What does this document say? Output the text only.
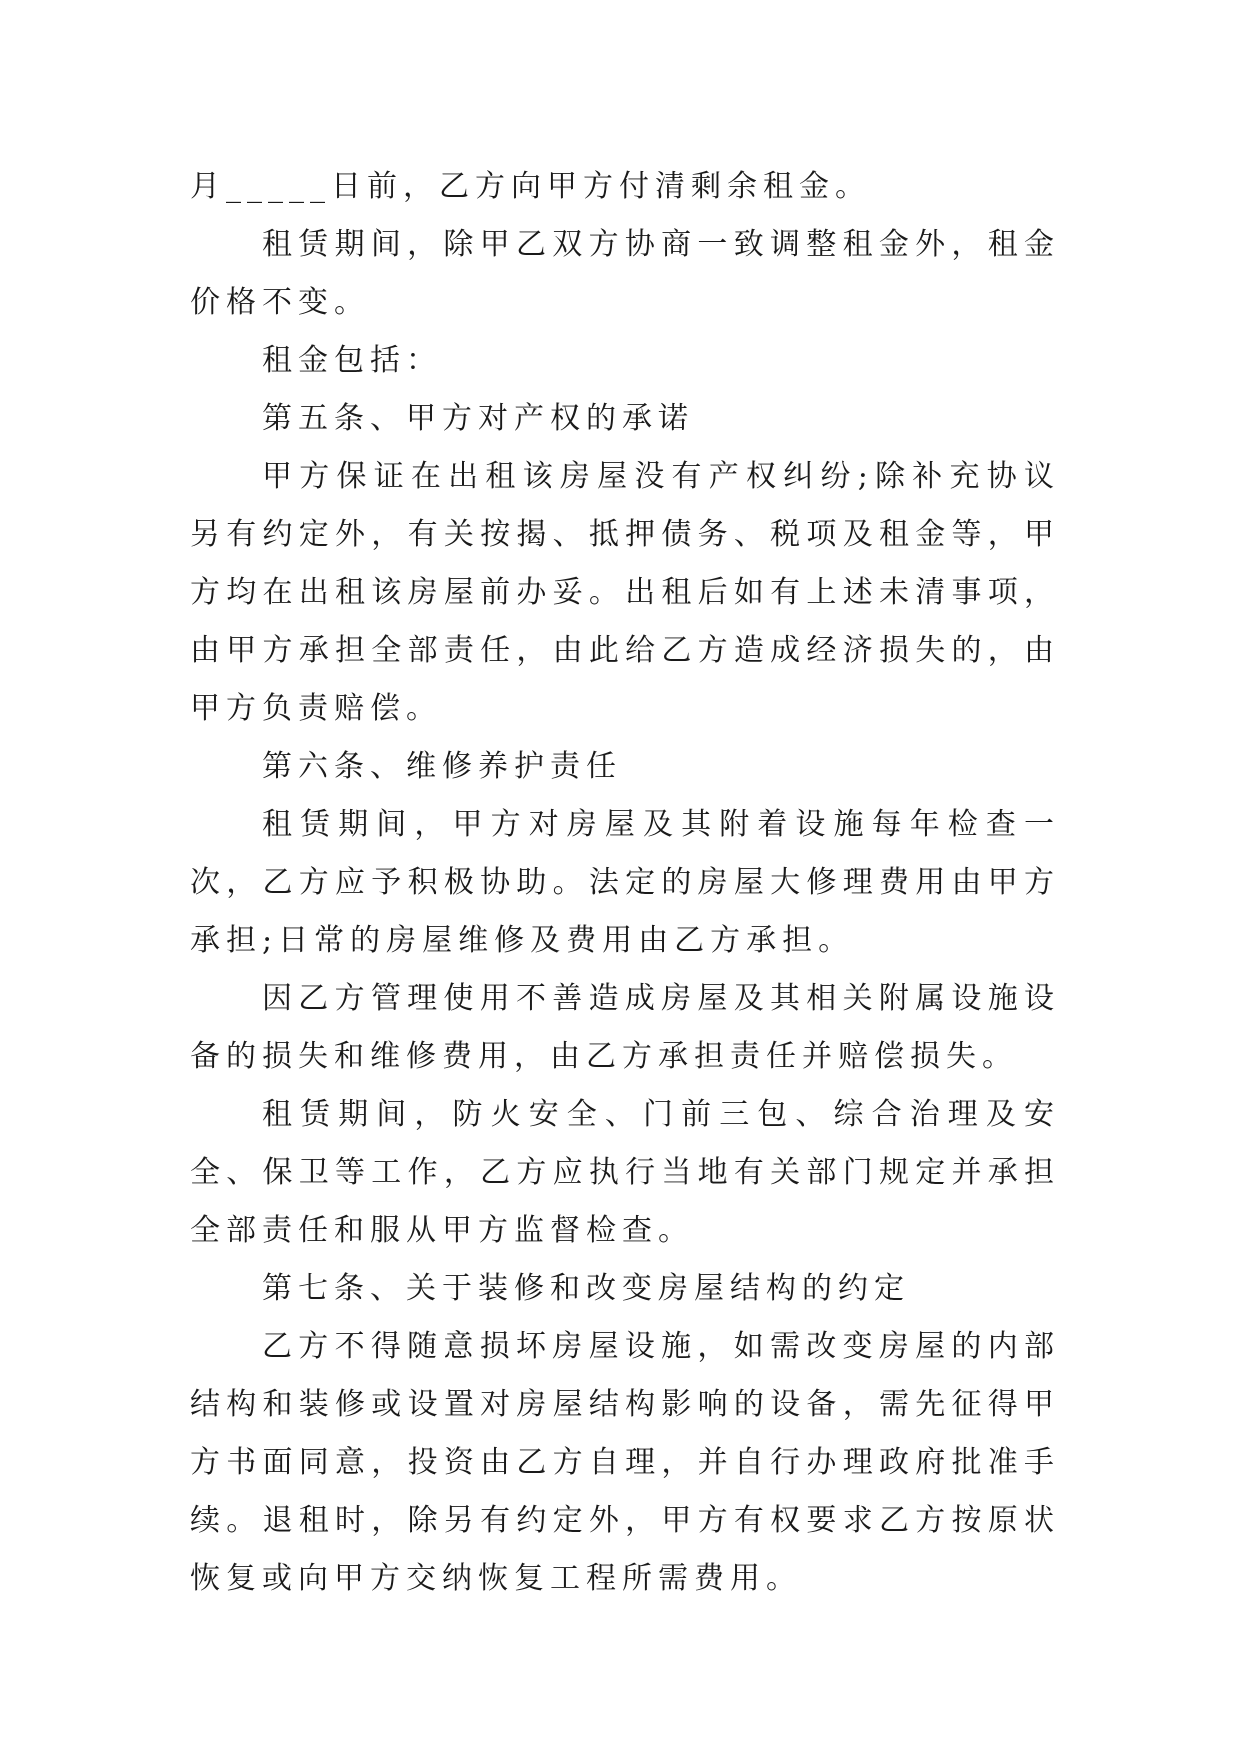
月_____日前，乙方向甲方付清剩余租金。

租赁期间，除甲乙双方协商一致调整租金外，租金价格不变。

租金包括：

第五条、甲方对产权的承诺

甲方保证在出租该房屋没有产权纠纷;除补充协议另有约定外，有关按揭、抵押债务、税项及租金等，甲方均在出租该房屋前办妥。出租后如有上述未清事项，由甲方承担全部责任，由此给乙方造成经济损失的，由甲方负责赔偿。

第六条、维修养护责任

租赁期间，甲方对房屋及其附着设施每年检查一次，乙方应予积极协助。法定的房屋大修理费用由甲方承担;日常的房屋维修及费用由乙方承担。

因乙方管理使用不善造成房屋及其相关附属设施设备的损失和维修费用，由乙方承担责任并赔偿损失。

租赁期间，防火安全、门前三包、综合治理及安全、保卫等工作，乙方应执行当地有关部门规定并承担全部责任和服从甲方监督检查。

第七条、关于装修和改变房屋结构的约定

乙方不得随意损坏房屋设施，如需改变房屋的内部结构和装修或设置对房屋结构影响的设备，需先征得甲方书面同意，投资由乙方自理，并自行办理政府批准手续。退租时，除另有约定外，甲方有权要求乙方按原状恢复或向甲方交纳恢复工程所需费用。
